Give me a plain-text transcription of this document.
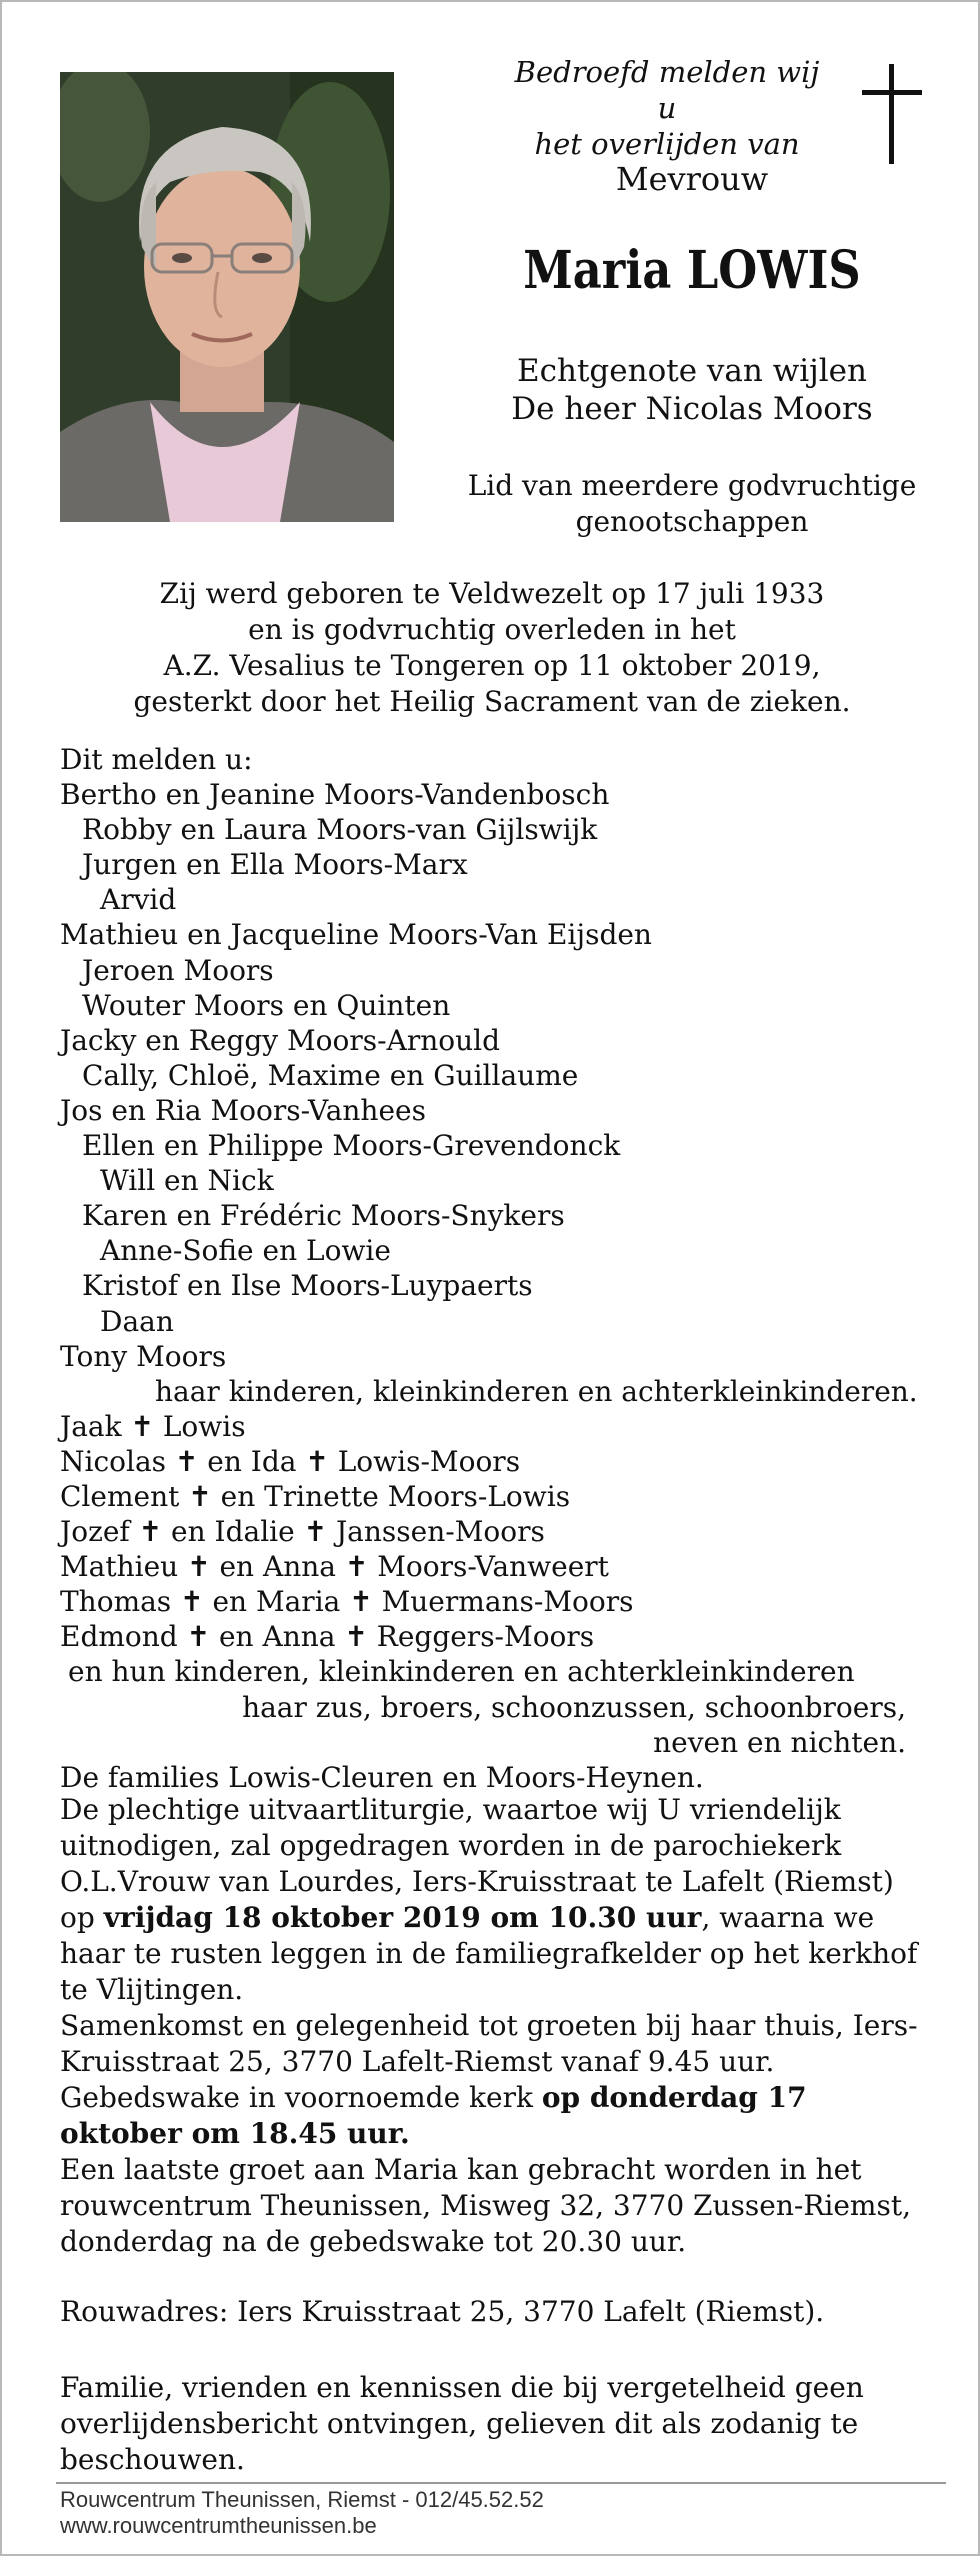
Bedroefd melden wij u
het overlijden van
Mevrouw
Maria LOWIS
Echtgenote van wijlen
De heer Nicolas Moors
Lid van meerdere godvruchtige
genootschappen
Zij werd geboren te Veldwezelt op 17 juli 1933
en is godvruchtig overleden in het
A.Z. Vesalius te Tongeren op 11 oktober 2019,
gesterkt door het Heilig Sacrament van de zieken.
Dit melden u:
Bertho en Jeanine Moors-Vandenbosch
Robby en Laura Moors-van Gijlswijk
Jurgen en Ella Moors-Marx
Arvid
Mathieu en Jacqueline Moors-Van Eijsden
Jeroen Moors
Wouter Moors en Quinten
Jacky en Reggy Moors-Arnould
Cally, Chloë, Maxime en Guillaume
Jos en Ria Moors-Vanhees
Ellen en Philippe Moors-Grevendonck
Will en Nick
Karen en Frédéric Moors-Snykers
Anne-Sofie en Lowie
Kristof en Ilse Moors-Luypaerts
Daan
Tony Moors
haar kinderen, kleinkinderen en achterkleinkinderen.
Jaak ✝ Lowis
Nicolas ✝ en Ida ✝ Lowis-Moors
Clement ✝ en Trinette Moors-Lowis
Jozef ✝ en Idalie ✝ Janssen-Moors
Mathieu ✝ en Anna ✝ Moors-Vanweert
Thomas ✝ en Maria ✝ Muermans-Moors
Edmond ✝ en Anna ✝ Reggers-Moors
en hun kinderen, kleinkinderen en achterkleinkinderen
haar zus, broers, schoonzussen, schoonbroers,
neven en nichten.
De families Lowis-Cleuren en Moors-Heynen.

De plechtige uitvaartliturgie, waartoe wij U vriendelijk uitnodigen, zal opgedragen worden in de parochiekerk O.L.Vrouw van Lourdes, Iers-Kruisstraat te Lafelt (Riemst) op vrijdag 18 oktober 2019 om 10.30 uur, waarna we haar te rusten leggen in de familiegrafkelder op het kerkhof te Vlijtingen.

Samenkomst en gelegenheid tot groeten bij haar thuis, Iers-Kruisstraat 25, 3770 Lafelt-Riemst vanaf 9.45 uur.

Gebedswake in voornoemde kerk op donderdag 17 oktober om 18.45 uur.

Een laatste groet aan Maria kan gebracht worden in het rouwcentrum Theunissen, Misweg 32, 3770 Zussen-Riemst, donderdag na de gebedswake tot 20.30 uur.

Rouwadres: Iers Kruisstraat 25, 3770 Lafelt (Riemst).
Familie, vrienden en kennissen die bij vergetelheid geen overlijdensbericht ontvingen, gelieven dit als zodanig te beschouwen.
Rouwcentrum Theunissen, Riemst - 012/45.52.52
www.rouwcentrumtheunissen.be
